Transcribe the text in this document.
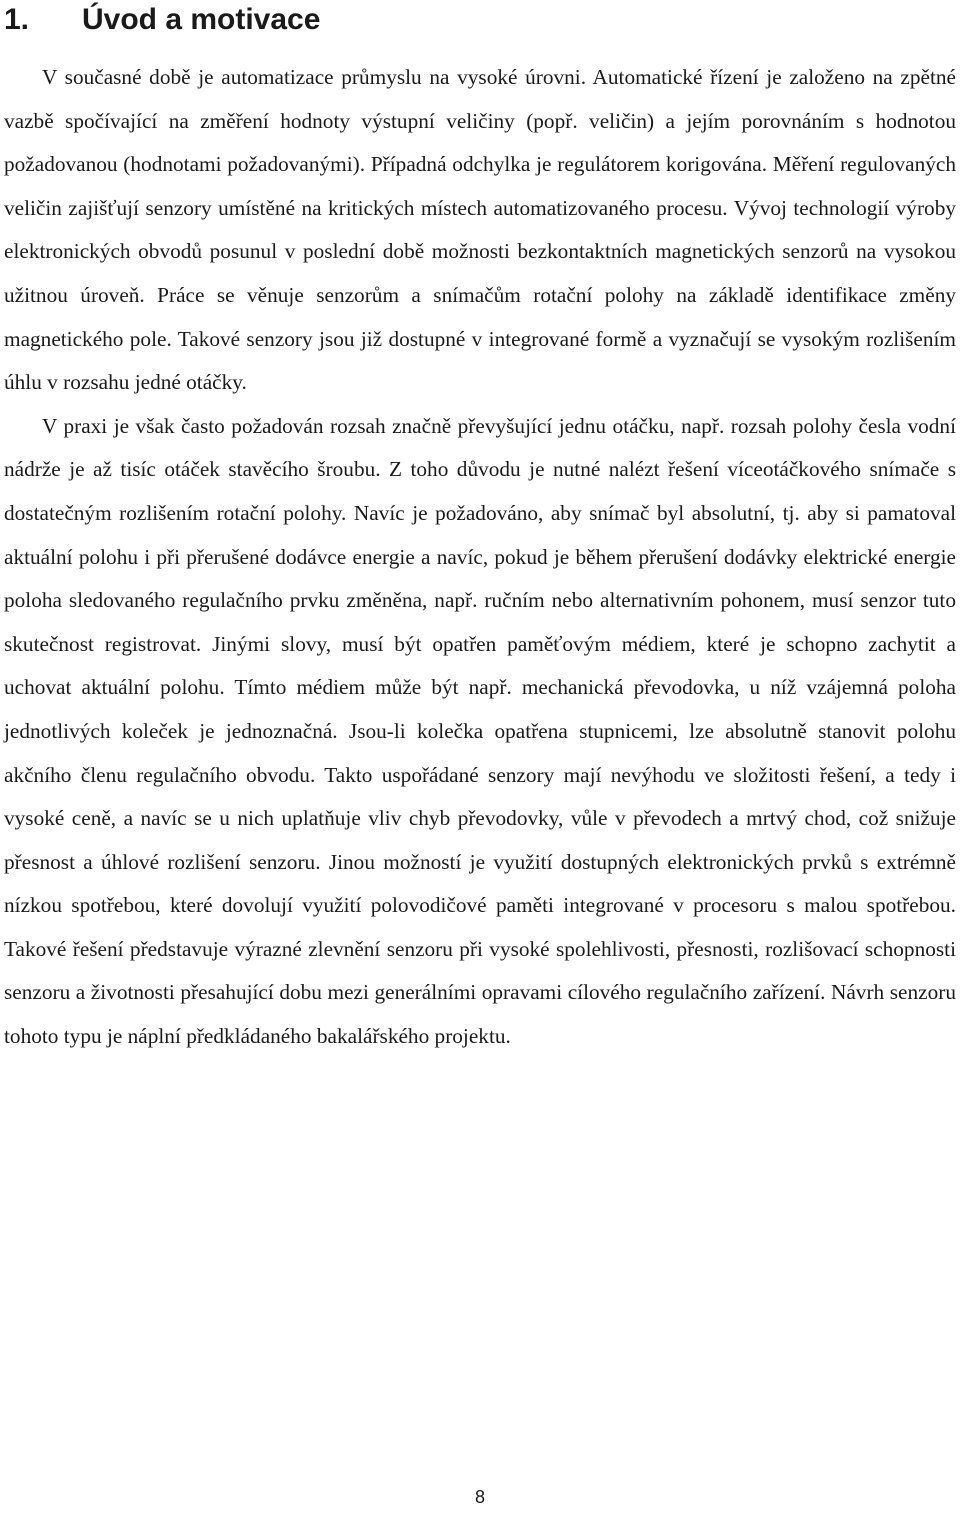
1. Úvod a motivace

V současné době je automatizace průmyslu na vysoké úrovni. Automatické řízení je založeno na zpětné vazbě spočívající na změření hodnoty výstupní veličiny (popř. veličin) a jejím porovnáním s hodnotou požadovanou (hodnotami požadovanými). Případná odchylka je regulátorem korigována. Měření regulovaných veličin zajišťují senzory umístěné na kritických místech automatizovaného procesu. Vývoj technologií výroby elektronických obvodů posunul v poslední době možnosti bezkontaktních magnetických senzorů na vysokou užitnou úroveň. Práce se věnuje senzorům a snímačům rotační polohy na základě identifikace změny magnetického pole. Takové senzory jsou již dostupné v integrované formě a vyznačují se vysokým rozlišením úhlu v rozsahu jedné otáčky.

V praxi je však často požadován rozsah značně převyšující jednu otáčku, např. rozsah polohy česla vodní nádrže je až tisíc otáček stavěcího šroubu. Z toho důvodu je nutné nalézt řešení víceotáčkového snímače s dostatečným rozlišením rotační polohy. Navíc je požadováno, aby snímač byl absolutní, tj. aby si pamatoval aktuální polohu i při přerušené dodávce energie a navíc, pokud je během přerušení dodávky elektrické energie poloha sledovaného regulačního prvku změněna, např. ručním nebo alternativním pohonem, musí senzor tuto skutečnost registrovat. Jinými slovy, musí být opatřen paměťovým médiem, které je schopno zachytit a uchovat aktuální polohu. Tímto médiem může být např. mechanická převodovka, u níž vzájemná poloha jednotlivých koleček je jednoznačná. Jsou-li kolečka opatřena stupnicemi, lze absolutně stanovit polohu akčního členu regulačního obvodu. Takto uspořádané senzory mají nevýhodu ve složitosti řešení, a tedy i vysoké ceně, a navíc se u nich uplatňuje vliv chyb převodovky, vůle v převodech a mrtvý chod, což snižuje přesnost a úhlové rozlišení senzoru. Jinou možností je využití dostupných elektronických prvků s extrémně nízkou spotřebou, které dovolují využití polovodičové paměti integrované v procesoru s malou spotřebou. Takové řešení představuje výrazné zlevnění senzoru při vysoké spolehlivosti, přesnosti, rozlišovací schopnosti senzoru a životnosti přesahující dobu mezi generálními opravami cílového regulačního zařízení. Návrh senzoru tohoto typu je náplní předkládaného bakalářského projektu.

8
